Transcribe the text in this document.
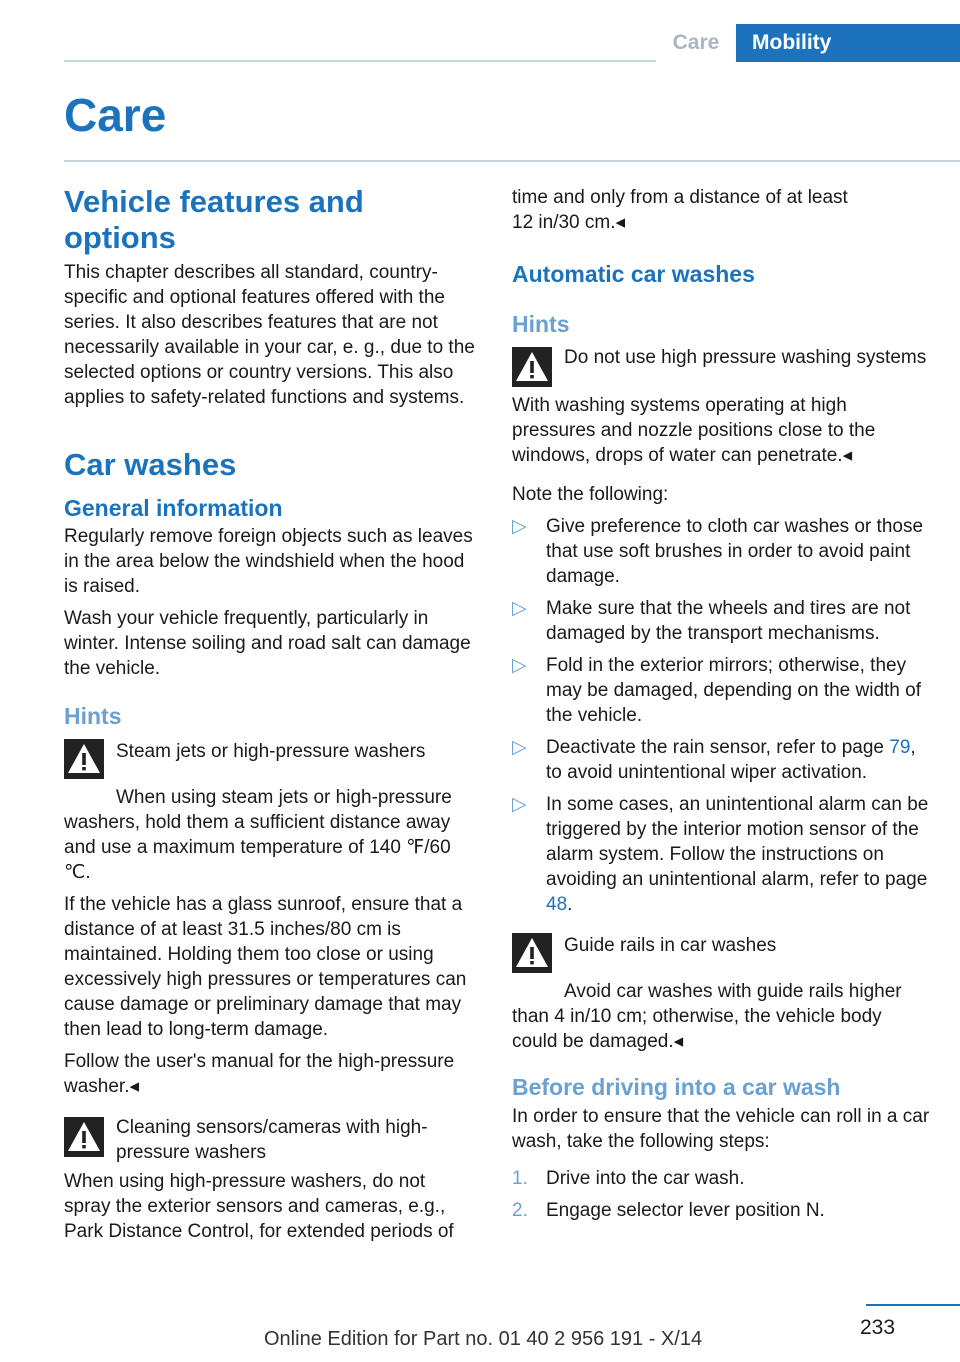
Care	Mobility
Care
Vehicle features and options

This chapter describes all standard, country-specific and optional features offered with the series. It also describes features that are not necessarily available in your car, e. g., due to the selected options or country versions. This also applies to safety-related functions and systems.

Car washes
General information

Regularly remove foreign objects such as leaves in the area below the windshield when the hood is raised.

Wash your vehicle frequently, particularly in winter. Intense soiling and road salt can damage the vehicle.

Hints
Steam jets or high-pressure washers

When using steam jets or high-pressure washers, hold them a sufficient distance away and use a maximum temperature of 140 ℉/60 ℃.

If the vehicle has a glass sunroof, ensure that a distance of at least 31.5 inches/80 cm is maintained. Holding them too close or using excessively high pressures or temperatures can cause damage or preliminary damage that may then lead to long-term damage.

Follow the user's manual for the high-pressure washer.◂

Cleaning sensors/cameras with high-pressure washers

When using high-pressure washers, do not spray the exterior sensors and cameras, e.g., Park Distance Control, for extended periods of

time and only from a distance of at least 12 in/30 cm.◂

Automatic car washes
Hints
Do not use high pressure washing systems

With washing systems operating at high pressures and nozzle positions close to the windows, drops of water can penetrate.◂

Note the following:

▷	Give preference to cloth car washes or those that use soft brushes in order to avoid paint damage.
▷	Make sure that the wheels and tires are not damaged by the transport mechanisms.
▷	Fold in the exterior mirrors; otherwise, they may be damaged, depending on the width of the vehicle.
▷	Deactivate the rain sensor, refer to page 79, to avoid unintentional wiper activation.
▷	In some cases, an unintentional alarm can be triggered by the interior motion sensor of the alarm system. Follow the instructions on avoiding an unintentional alarm, refer to page 48.
Guide rails in car washes

Avoid car washes with guide rails higher than 4 in/10 cm; otherwise, the vehicle body could be damaged.◂

Before driving into a car wash

In order to ensure that the vehicle can roll in a car wash, take the following steps:

1. Drive into the car wash.
2. Engage selector lever position N.
233
Online Edition for Part no. 01 40 2 956 191 - X/14
